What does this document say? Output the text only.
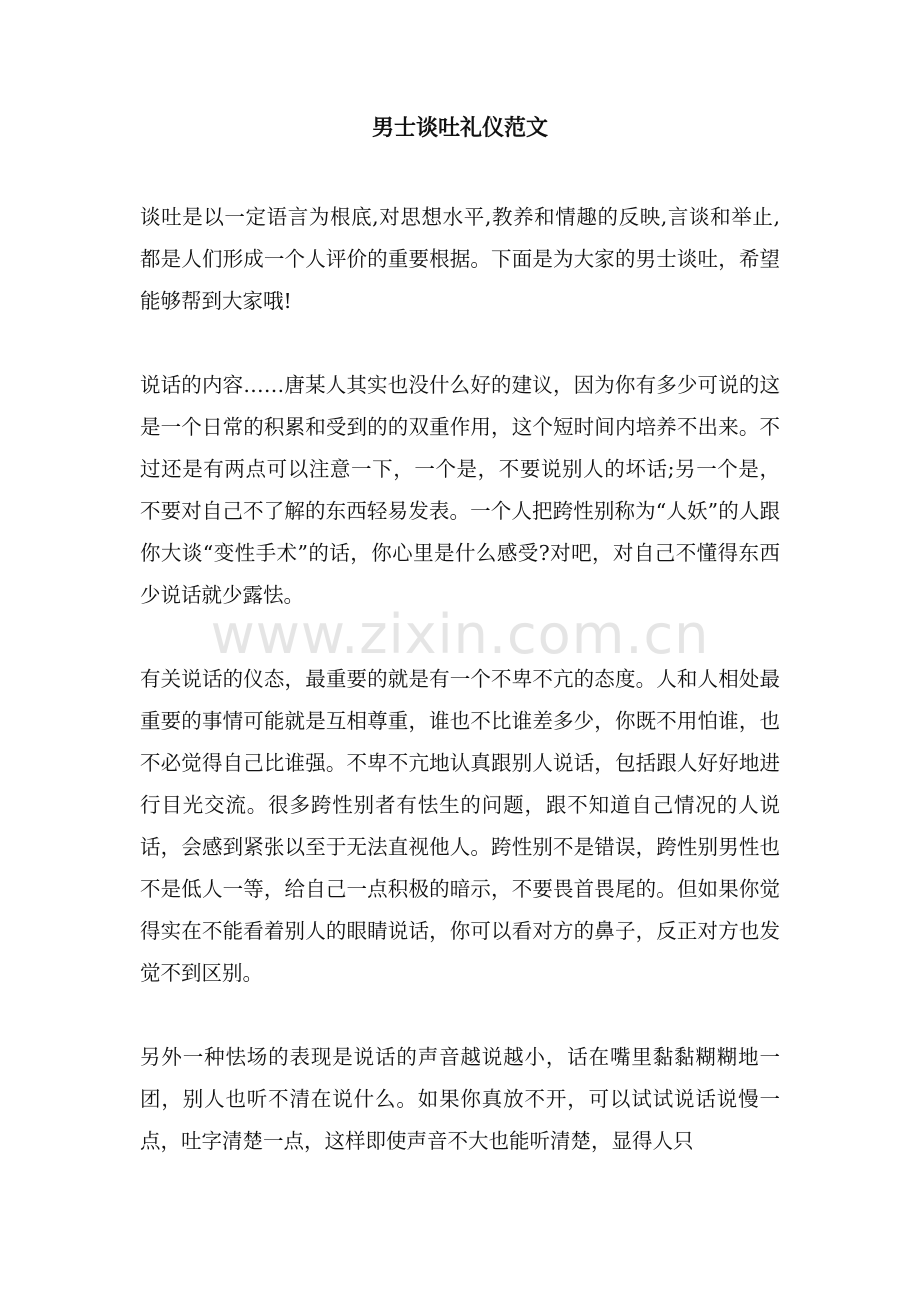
男士谈吐礼仪范文

谈吐是以一定语言为根底,对思想水平,教养和情趣的反映,言谈和举止,都是人们形成一个人评价的重要根据。下面是为大家的男士谈吐，希望能够帮到大家哦!

说话的内容……唐某人其实也没什么好的建议，因为你有多少可说的这是一个日常的积累和受到的的双重作用，这个短时间内培养不出来。不过还是有两点可以注意一下，一个是，不要说别人的坏话;另一个是，不要对自己不了解的东西轻易发表。一个人把跨性别称为“人妖”的人跟你大谈“变性手术”的话，你心里是什么感受?对吧，对自己不懂得东西少说话就少露怯。

有关说话的仪态，最重要的就是有一个不卑不亢的态度。人和人相处最重要的事情可能就是互相尊重，谁也不比谁差多少，你既不用怕谁，也不必觉得自己比谁强。不卑不亢地认真跟别人说话，包括跟人好好地进行目光交流。很多跨性别者有怯生的问题，跟不知道自己情况的人说话，会感到紧张以至于无法直视他人。跨性别不是错误，跨性别男性也不是低人一等，给自己一点积极的暗示，不要畏首畏尾的。但如果你觉得实在不能看着别人的眼睛说话，你可以看对方的鼻子，反正对方也发觉不到区别。

另外一种怯场的表现是说话的声音越说越小，话在嘴里黏黏糊糊地一团，别人也听不清在说什么。如果你真放不开，可以试试说话说慢一点，吐字清楚一点，这样即使声音不大也能听清楚，显得人只

www.zixin.com.cn
